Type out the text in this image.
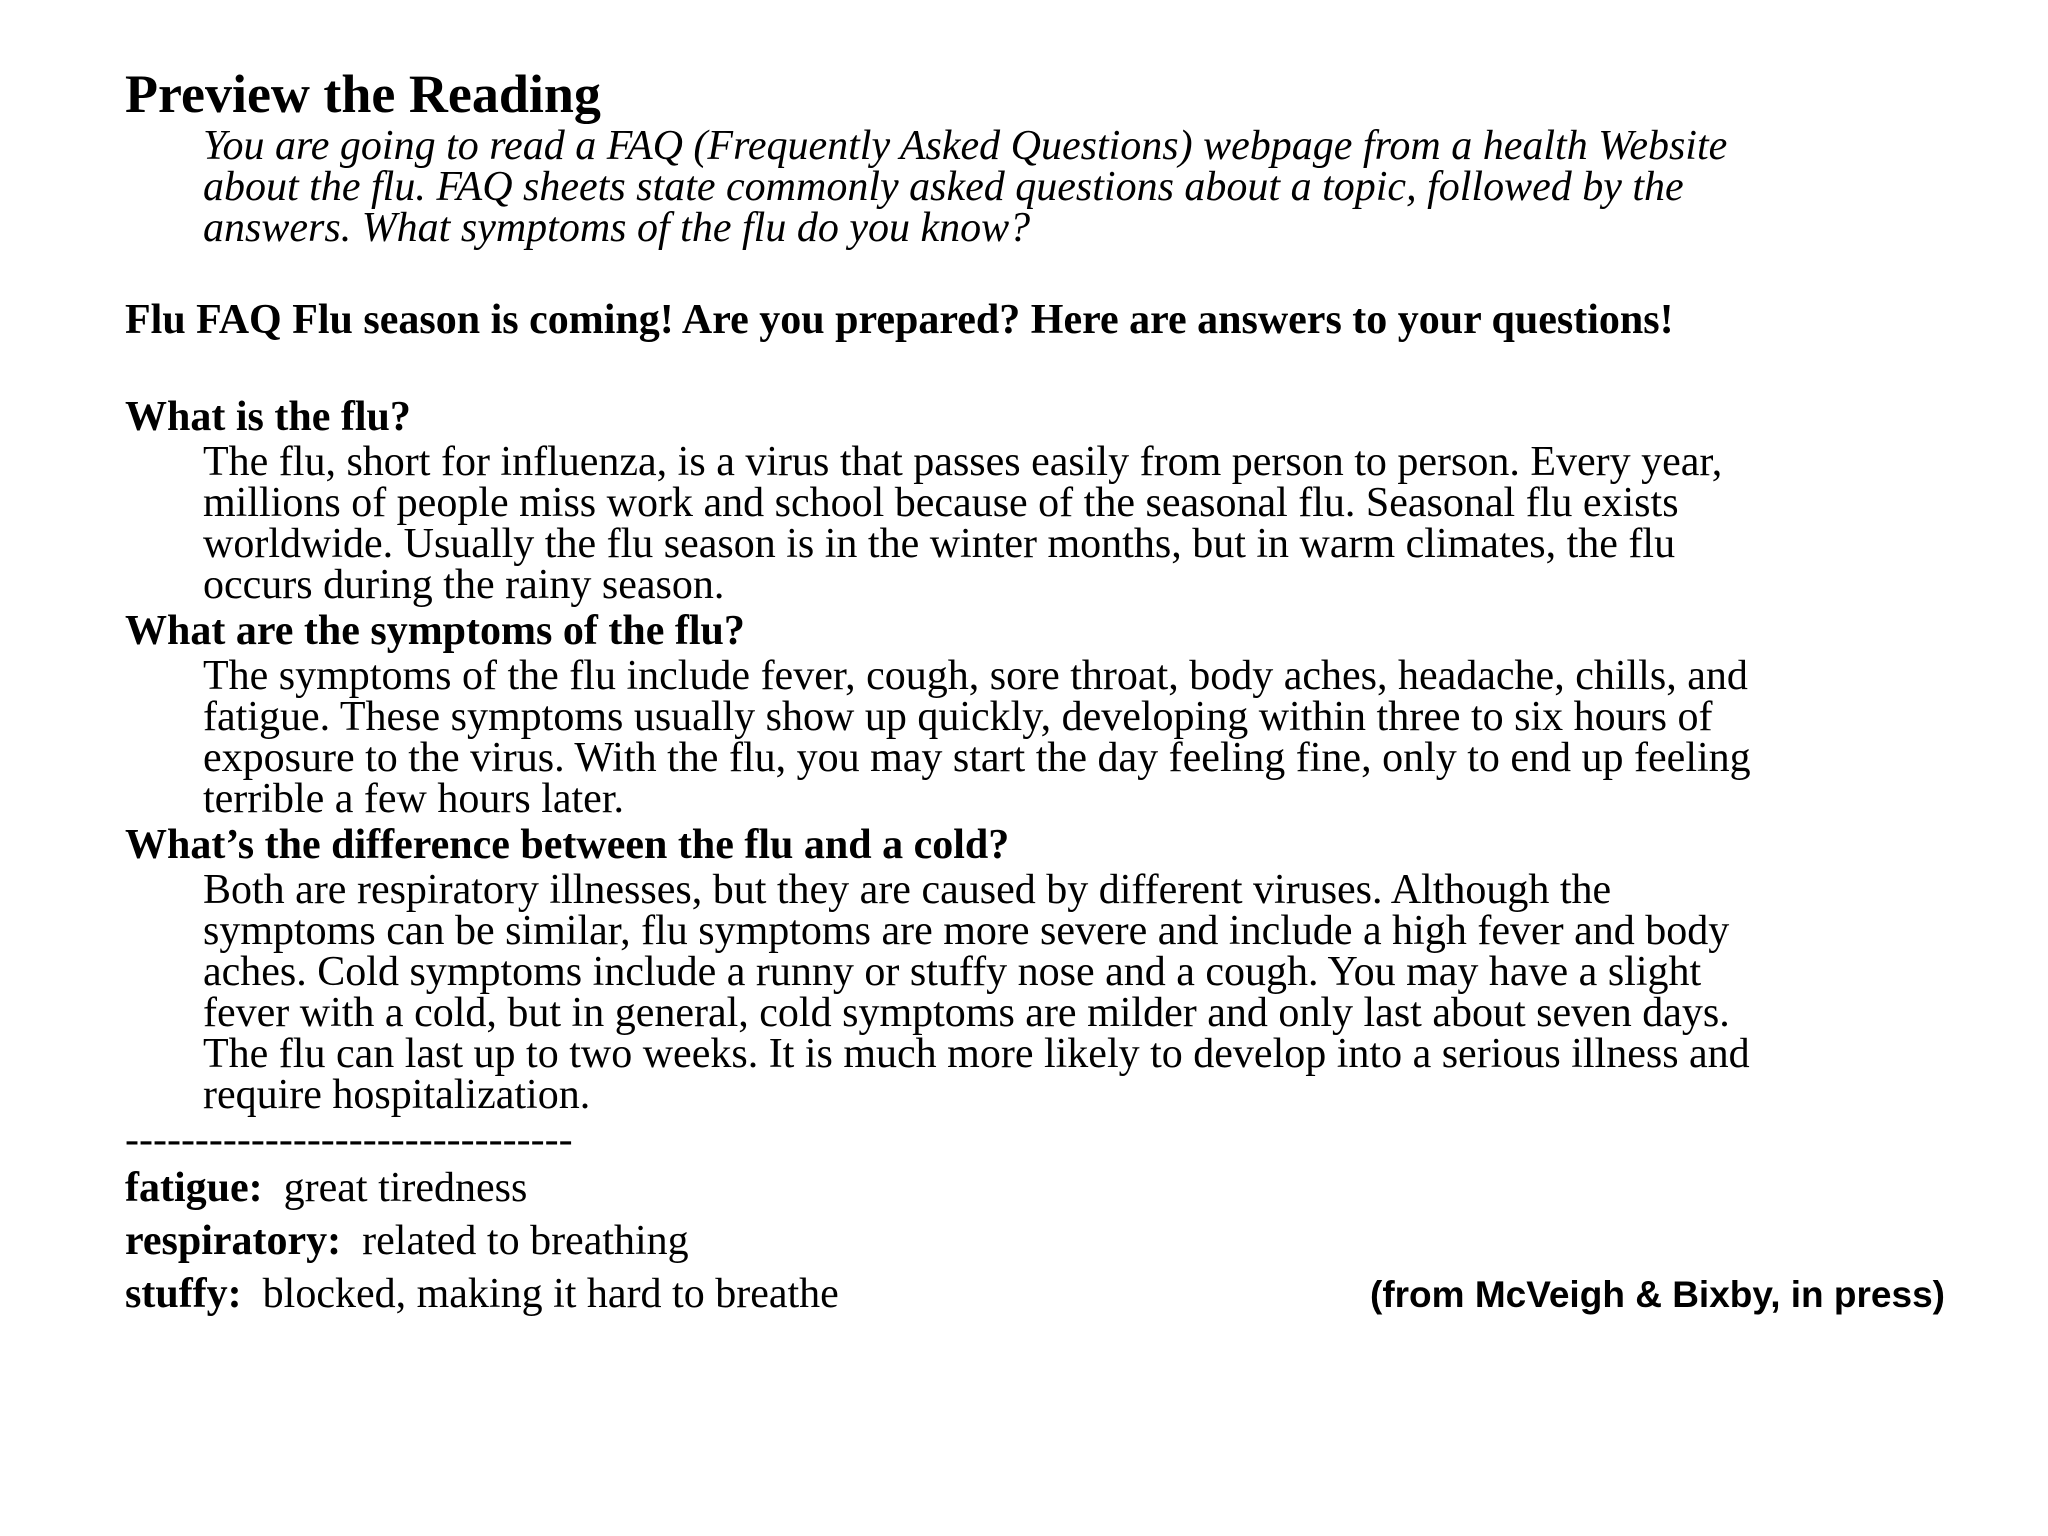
Preview the Reading
You are going to read a FAQ (Frequently Asked Questions) webpage from a health Website
about the flu. FAQ sheets state commonly asked questions about a topic, followed by the
answers. What symptoms of the flu do you know?
Flu FAQ Flu season is coming! Are you prepared? Here are answers to your questions!
What is the flu?
The flu, short for influenza, is a virus that passes easily from person to person. Every year,
millions of people miss work and school because of the seasonal flu. Seasonal flu exists
worldwide. Usually the flu season is in the winter months, but in warm climates, the flu
occurs during the rainy season.
What are the symptoms of the flu?
The symptoms of the flu include fever, cough, sore throat, body aches, headache, chills, and
fatigue. These symptoms usually show up quickly, developing within three to six hours of
exposure to the virus. With the flu, you may start the day feeling fine, only to end up feeling
terrible a few hours later.
What’s the difference between the flu and a cold?
Both are respiratory illnesses, but they are caused by different viruses. Although the
symptoms can be similar, flu symptoms are more severe and include a high fever and body
aches. Cold symptoms include a runny or stuffy nose and a cough. You may have a slight
fever with a cold, but in general, cold symptoms are milder and only last about seven days.
The flu can last up to two weeks. It is much more likely to develop into a serious illness and
require hospitalization.
--------------------------------
fatigue: great tiredness
respiratory: related to breathing
stuffy: blocked, making it hard to breathe	(from McVeigh & Bixby, in press)
